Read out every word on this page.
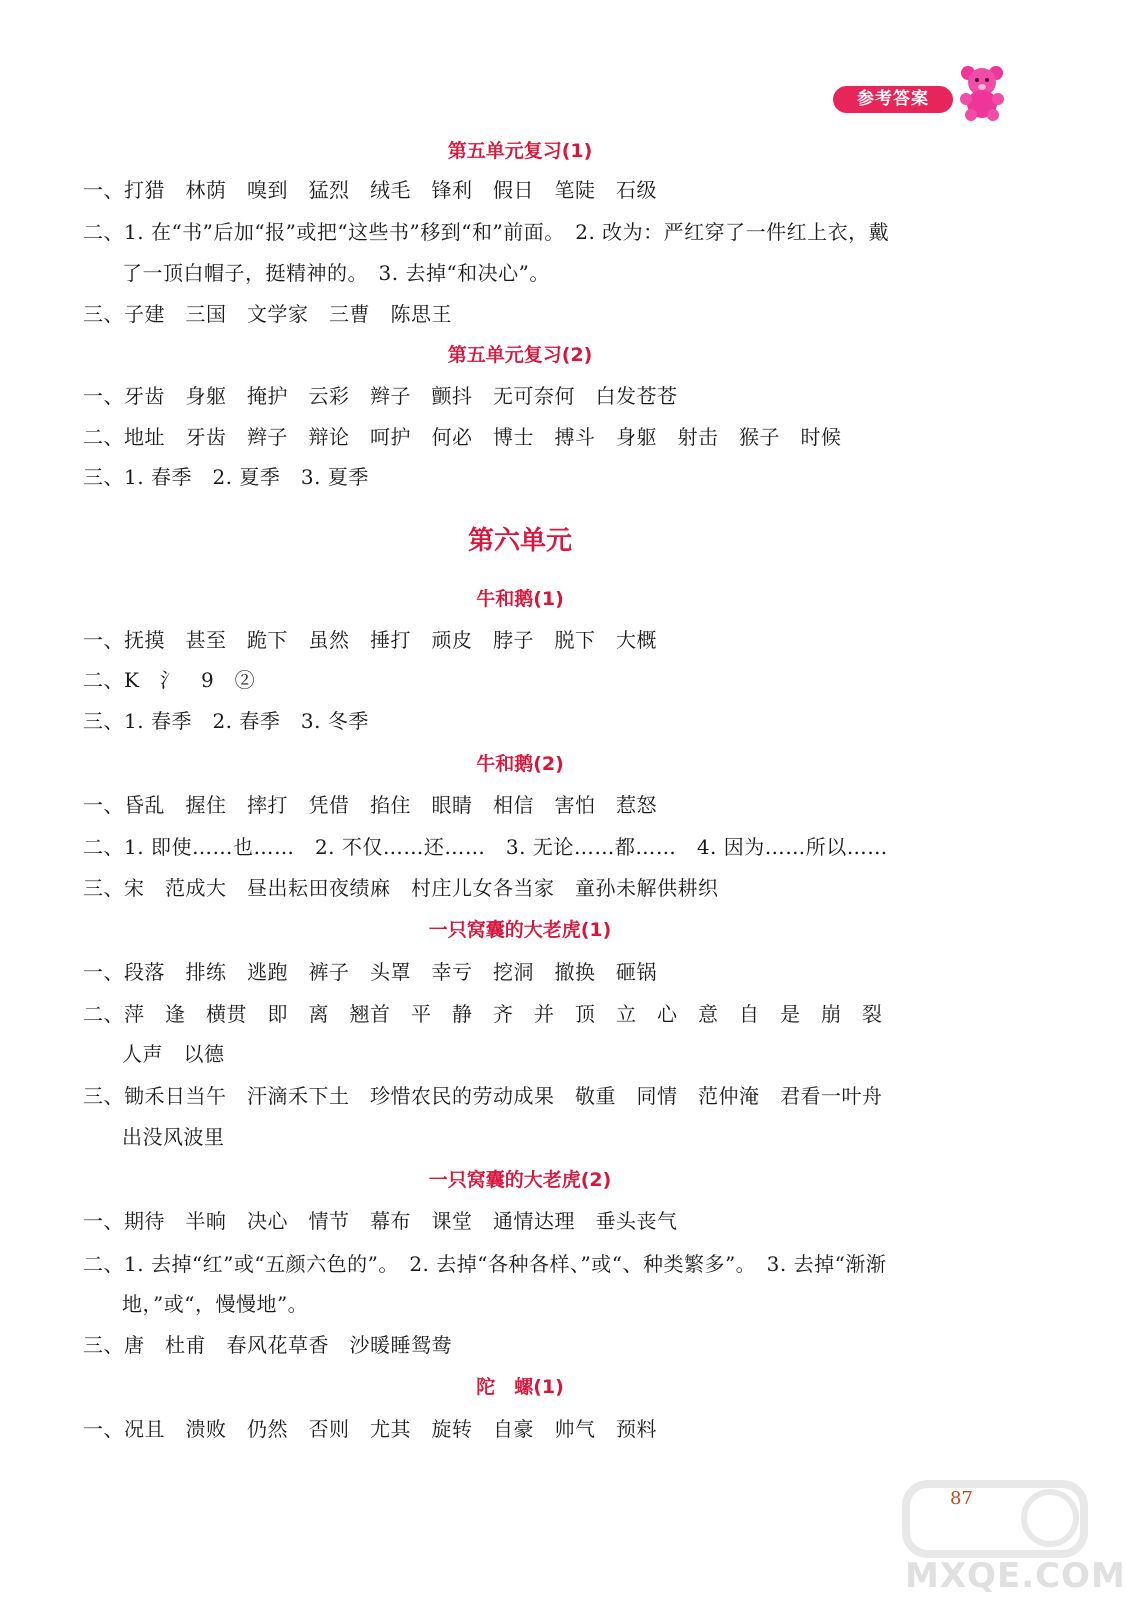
参考答案
第五单元复习(1)
一、打猎　林荫　嗅到　猛烈　绒毛　锋利　假日　笔陡　石级
二、1. 在“书”后加“报”或把“这些书”移到“和”前面。　2. 改为：严红穿了一件红上衣，戴
了一顶白帽子，挺精神的。　3. 去掉“和决心”。
三、子建　三国　文学家　三曹　陈思王
第五单元复习(2)
一、牙齿　身躯　掩护　云彩　辫子　颤抖　无可奈何　白发苍苍
二、地址　牙齿　辫子　辩论　呵护　何必　博士　搏斗　身躯　射击　猴子　时候
三、1. 春季　2. 夏季　3. 夏季
第六单元
牛和鹅(1)
一、抚摸　甚至　跪下　虽然　捶打　顽皮　脖子　脱下　大概
二、K　氵　9　②
三、1. 春季　2. 春季　3. 冬季
牛和鹅(2)
一、昏乱　握住　摔打　凭借　掐住　眼睛　相信　害怕　惹怒
二、1. 即使……也……　2. 不仅……还……　3. 无论……都……　4. 因为……所以……
三、宋　范成大　昼出耘田夜绩麻　村庄儿女各当家　童孙未解供耕织
一只窝囊的大老虎(1)
一、段落　排练　逃跑　裤子　头罩　幸亏　挖洞　撤换　砸锅
二、萍　逢　横贯　即　离　翘首　平　静　齐　并　顶　立　心　意　自　是　崩　裂
人声　以德
三、锄禾日当午　汗滴禾下土　珍惜农民的劳动成果　敬重　同情　范仲淹　君看一叶舟
出没风波里
一只窝囊的大老虎(2)
一、期待　半晌　决心　情节　幕布　课堂　通情达理　垂头丧气
二、1. 去掉“红”或“五颜六色的”。　2. 去掉“各种各样、”或“、种类繁多”。　3. 去掉“渐渐
地，”或“，慢慢地”。
三、唐　杜甫　春风花草香　沙暖睡鸳鸯
陀　螺(1)
一、况且　溃败　仍然　否则　尤其　旋转　自豪　帅气　预料
87
MXQE.COM
